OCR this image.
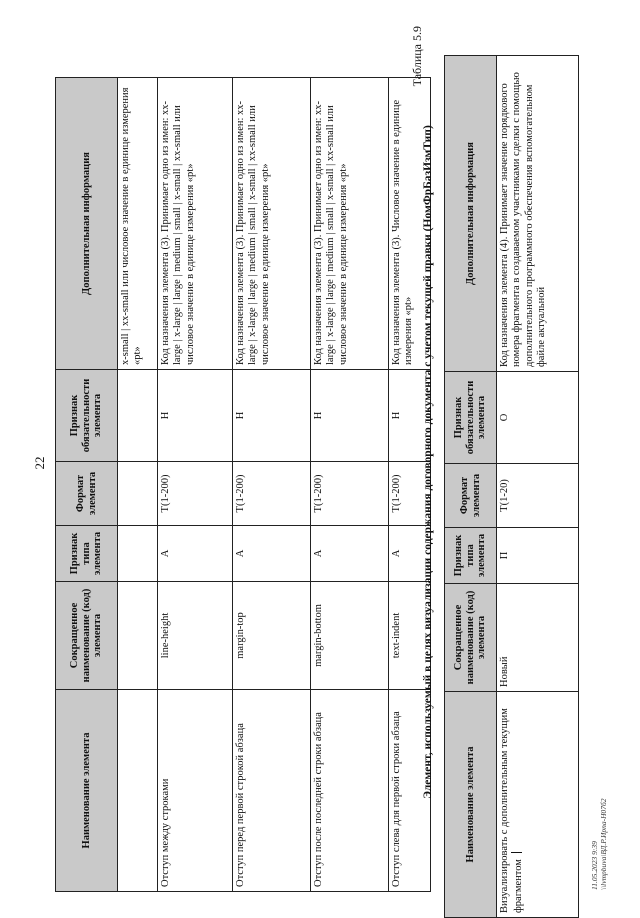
22
Наименование элемента	Сокращенное наименование (код) элемента	Признак типа элемента	Формат элемента	Признак обязательности элемента	Дополнительная информация
					x-small | xx-small или числовое значение в единице измерения «pt»
Отступ между строками	line-height	А	T(1-200)	Н	Код назначения элемента (3). Принимает одно из имен: xx-large | x-large | large | medium | small | x-small | xx-small или числовое значение в единице измерения «pt»
Отступ перед первой строкой абзаца	margin-top	А	T(1-200)	Н	Код назначения элемента (3). Принимает одно из имен: xx-large | x-large | large | medium | small | x-small | xx-small или числовое значение в единице измерения «pt»
Отступ после последней строки абзаца	margin-bottom	А	T(1-200)	Н	Код назначения элемента (3). Принимает одно из имен: xx-large | x-large | large | medium | small | x-small | xx-small или числовое значение в единице измерения «pt»
Отступ слева для первой строки абзаца	text-indent	А	T(1-200)	Н	Код назначения элемента (3). Числовое значение в единице измерения «pt»
Таблица 5.9
Элемент, используемый в целях визуализации содержания договорного документа с учетом текущей правки (НомФрБазИзмТип)
Наименование элемента	Сокращенное наименование (код) элемента	Признак типа элемента	Формат элемента	Признак обязательности элемента	Дополнительная информация
Визуализировать с дополнительным текущим фрагментом	Новый	П	T(1-20)	О	Код назначения элемента (4). Принимает значение порядкового номера фрагмента в создаваемом участниками сделки с помощью дополнительного программного обеспечения вспомогательном файле актуальной
11.05.2023 9:39 \\lvmpbuva\ВД.Р.Ирпа-Н07б2
